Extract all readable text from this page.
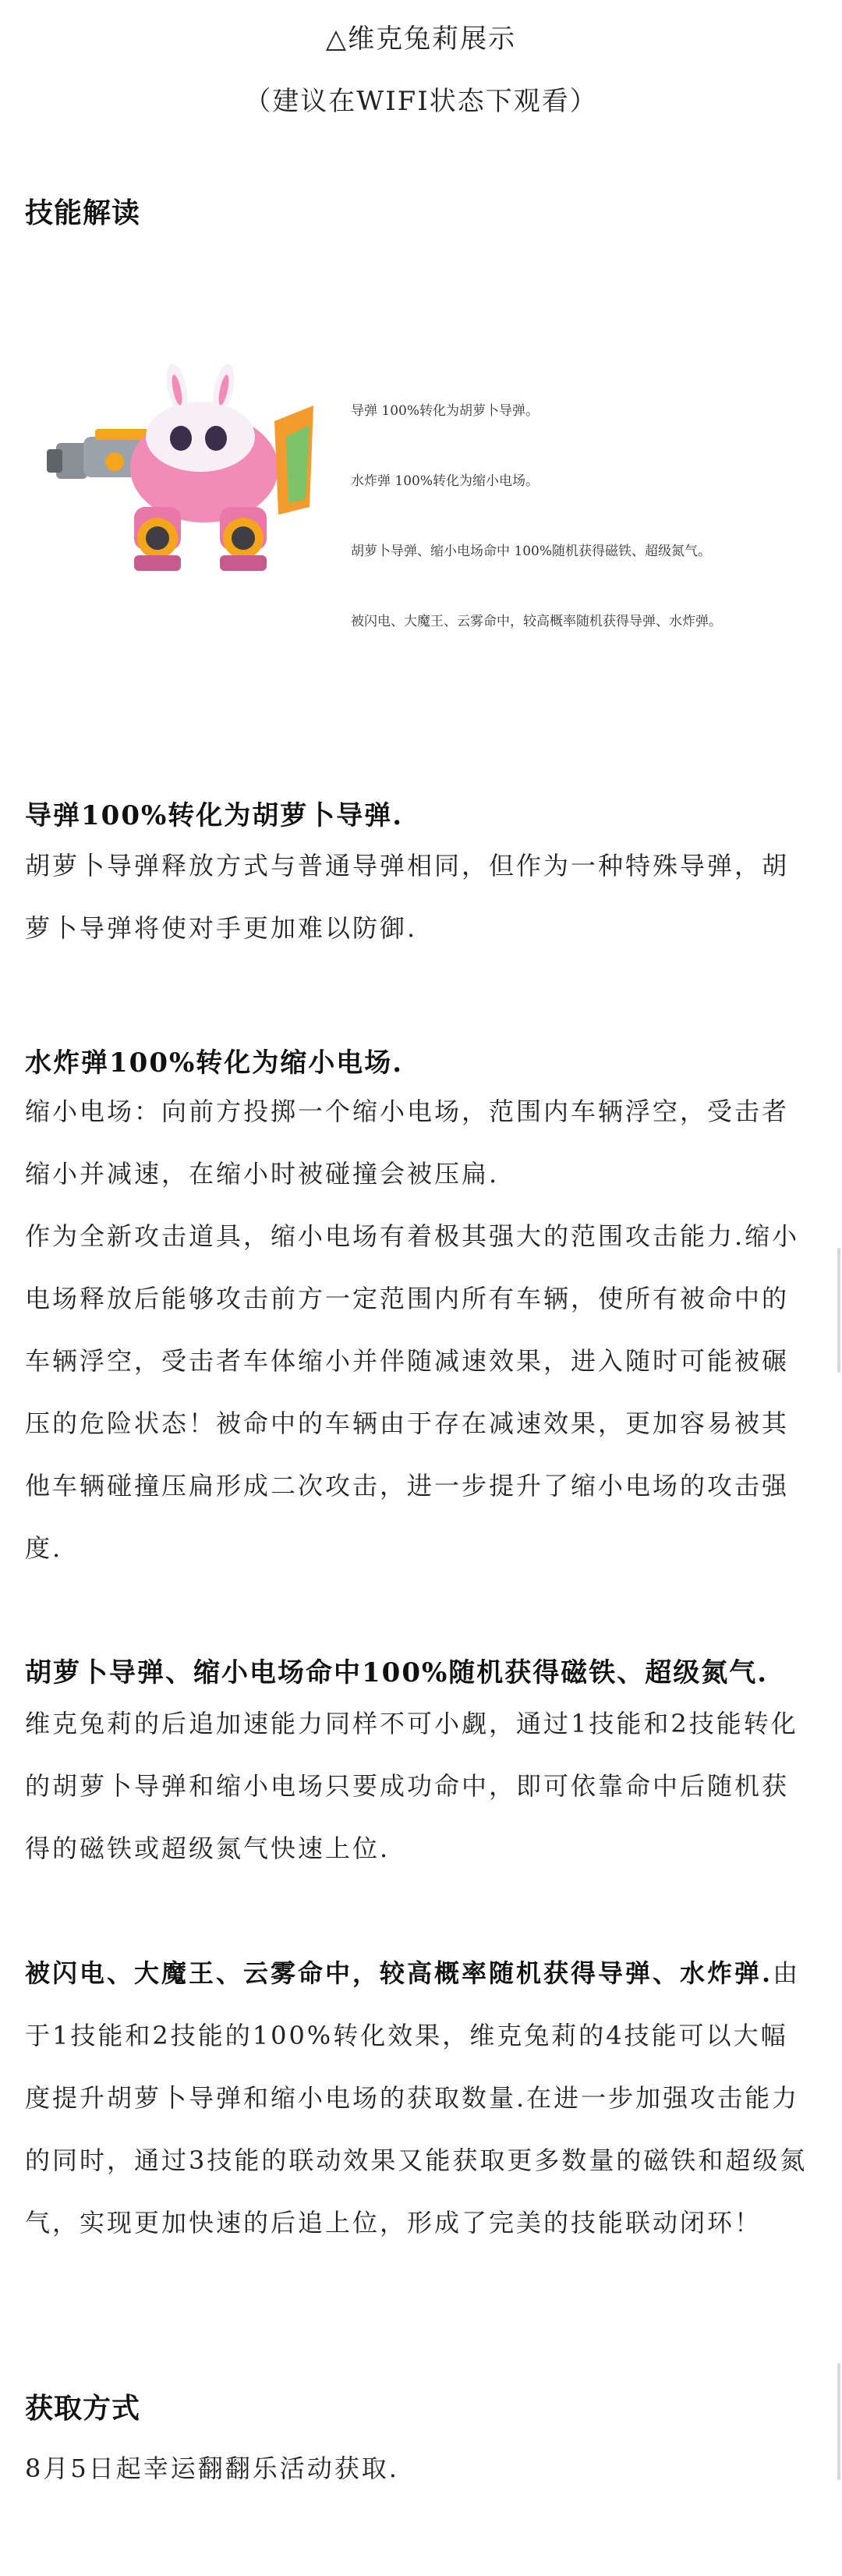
△维克兔莉展示
（建议在WIFI状态下观看）
技能解读
导弹 100%转化为胡萝卜导弹。
水炸弹 100%转化为缩小电场。
胡萝卜导弹、缩小电场命中 100%随机获得磁铁、超级氮气。
被闪电、大魔王、云雾命中，较高概率随机获得导弹、水炸弹。
导弹100%转化为胡萝卜导弹.
胡萝卜导弹释放方式与普通导弹相同，但作为一种特殊导弹，胡萝卜导弹将使对手更加难以防御.
水炸弹100%转化为缩小电场.
缩小电场：向前方投掷一个缩小电场，范围内车辆浮空，受击者缩小并减速，在缩小时被碰撞会被压扁.
作为全新攻击道具，缩小电场有着极其强大的范围攻击能力.缩小电场释放后能够攻击前方一定范围内所有车辆，使所有被命中的车辆浮空，受击者车体缩小并伴随减速效果，进入随时可能被碾压的危险状态！被命中的车辆由于存在减速效果，更加容易被其他车辆碰撞压扁形成二次攻击，进一步提升了缩小电场的攻击强度.
胡萝卜导弹、缩小电场命中100%随机获得磁铁、超级氮气.
维克兔莉的后追加速能力同样不可小觑，通过1技能和2技能转化的胡萝卜导弹和缩小电场只要成功命中，即可依靠命中后随机获得的磁铁或超级氮气快速上位.
被闪电、大魔王、云雾命中，较高概率随机获得导弹、水炸弹.由于1技能和2技能的100%转化效果，维克兔莉的4技能可以大幅度提升胡萝卜导弹和缩小电场的获取数量.在进一步加强攻击能力的同时，通过3技能的联动效果又能获取更多数量的磁铁和超级氮气，实现更加快速的后追上位，形成了完美的技能联动闭环！
获取方式
8月5日起幸运翻翻乐活动获取.
